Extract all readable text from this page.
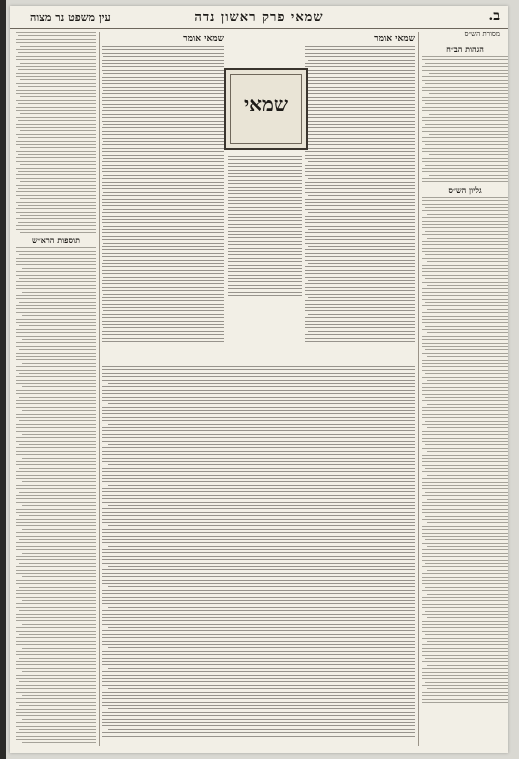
ב.
שמאי פרק ראשון נדה
עין משפט נר מצוה
מסורת הש״ס
הגהות הב״ח
גליון הש״ס
תוספות הרא״ש
שמאי אומר
שמאי אומר
שמאי
